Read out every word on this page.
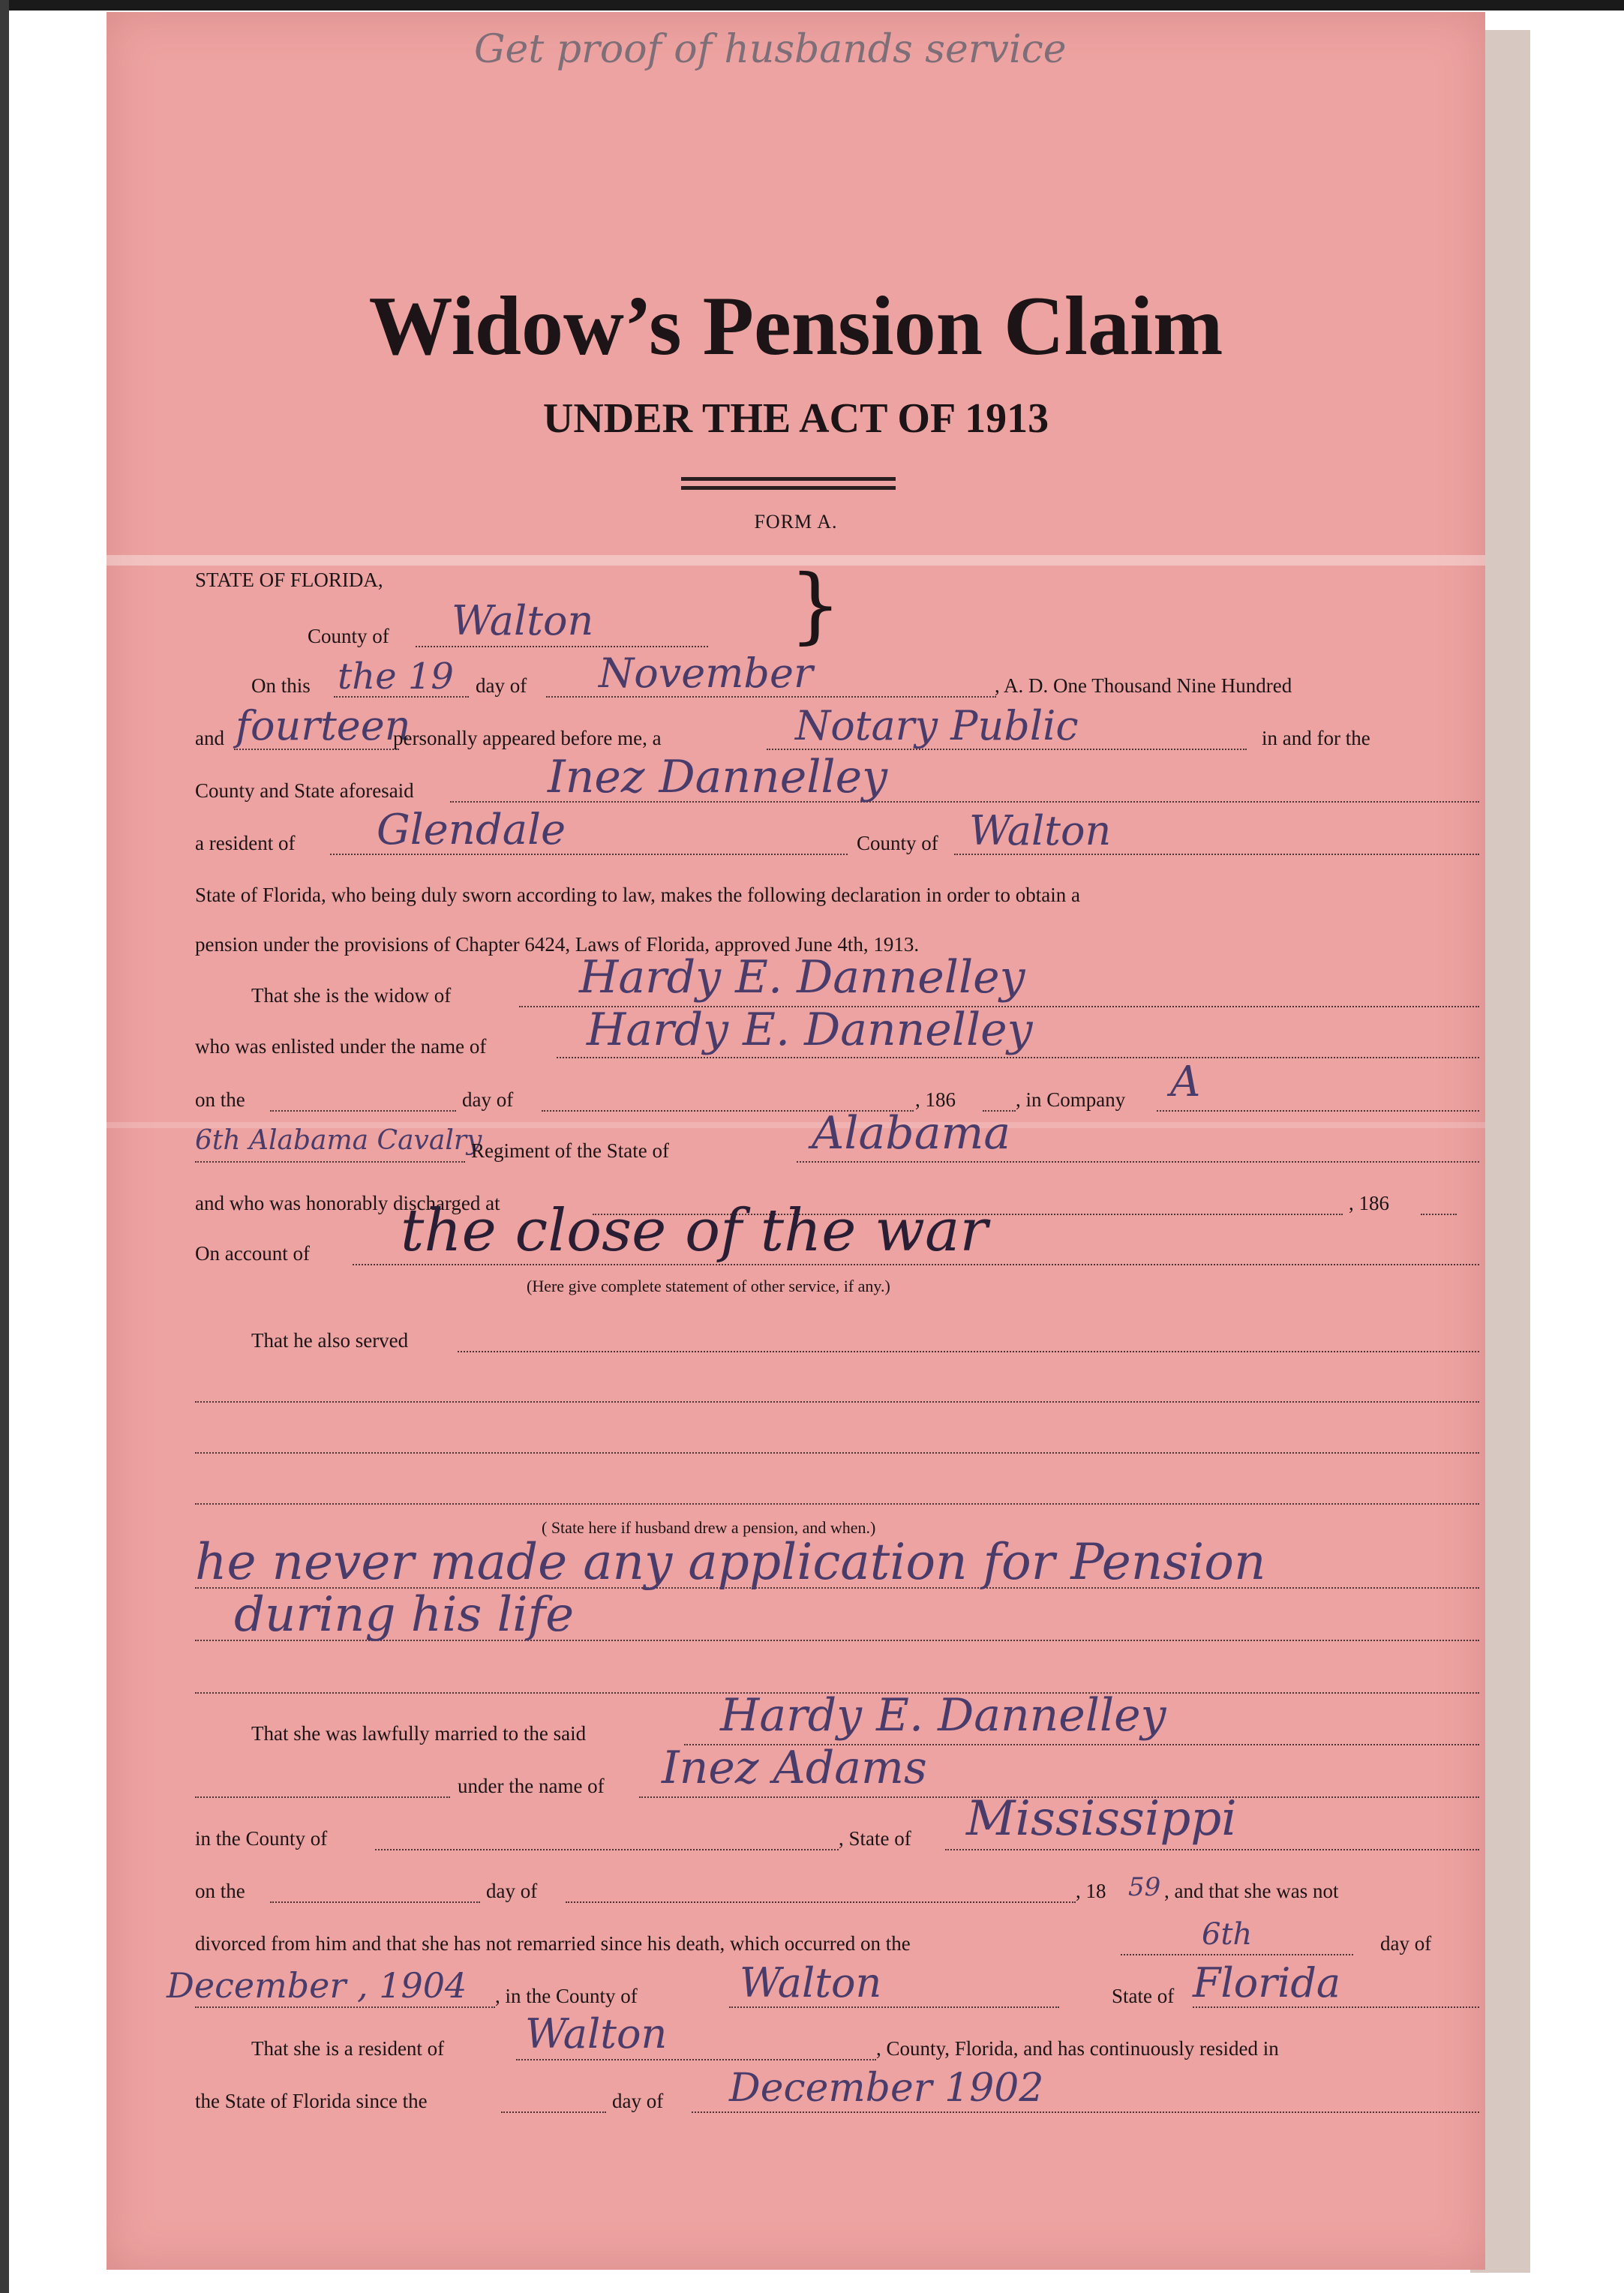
Get proof of husbands service
Widow’s Pension Claim
UNDER THE ACT OF 1913
FORM A.
STATE OF FLORIDA,
County of Walton }
On this the 19 day of November	, A. D. One Thousand Nine Hundred
and fourteen
personally appeared before me, a	Notary Public	in and for the
County and State aforesaid	Inez Dannelley
a resident of Glendale	County of Walton
State of Florida, who being duly sworn according to law, makes the following declaration in order to obtain a
pension under the provisions of Chapter 6424, Laws of Florida, approved June 4th, 1913.
That she is the widow of	Hardy E. Dannelley
who was enlisted under the name of Hardy E. Dannelley
on the	day of	, 186	, in Company A
6th Alabama Cavalry
Regiment of the State of	Alabama
and who was honorably discharged at	, 186
On account of the close of the war
(Here give complete statement of other service, if any.)
That he also served
( State here if husband drew a pension, and when.)
he never made any application for Pension
during his life
That she was lawfully married to the said	Hardy E. Dannelley
under the name of Inez Adams
in the County of	, State of Mississippi
on the	day of	, 18 59 , and that she was not
divorced from him and that she has not remarried since his death, which occurred on the	6th	day of
December , 1904 , in the County of	Walton	State of Florida
That she is a resident of Walton	, County, Florida, and has continuously resided in
the State of Florida since the	day of December 1902
